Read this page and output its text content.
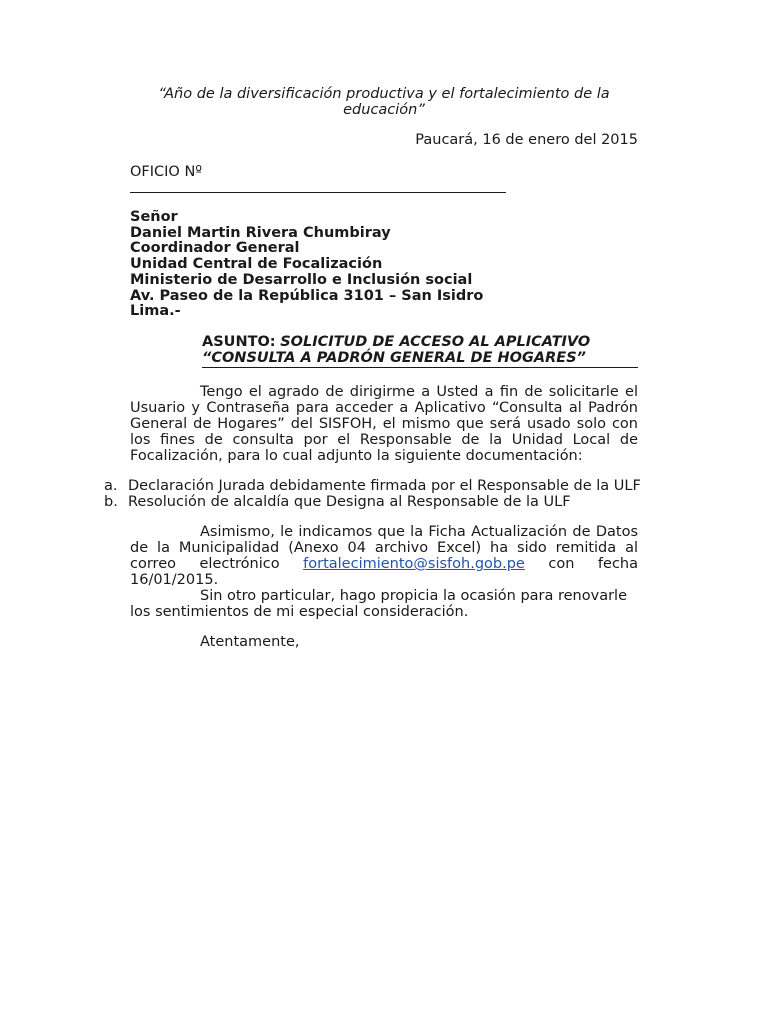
“Año de la diversificación productiva y el fortalecimiento de la
educación”
Paucará, 16 de enero del 2015
OFICIO Nº
Señor
Daniel Martin Rivera Chumbiray
Coordinador General
Unidad Central de Focalización
Ministerio de Desarrollo e Inclusión social
Av. Paseo de la República 3101 – San Isidro
Lima.-
ASUNTO: SOLICITUD DE ACCESO AL APLICATIVO
“CONSULTA A PADRÓN GENERAL DE HOGARES”
Tengo el agrado de dirigirme a Usted a fin de solicitarle el Usuario y Contraseña para acceder a Aplicativo “Consulta al Padrón General de Hogares” del SISFOH, el mismo que será usado solo con los fines de consulta por el Responsable de la Unidad Local de Focalización, para lo cual adjunto la siguiente documentación:
a. Declaración Jurada debidamente firmada por el Responsable de la ULF
b. Resolución de alcaldía que Designa al Responsable de la ULF
Asimismo, le indicamos que la Ficha Actualización de Datos de la Municipalidad (Anexo 04 archivo Excel) ha sido remitida al correo electrónico fortalecimiento@sisfoh.gob.pe con fecha 16/01/2015.
Sin otro particular, hago propicia la ocasión para renovarle los sentimientos de mi especial consideración.
Atentamente,
